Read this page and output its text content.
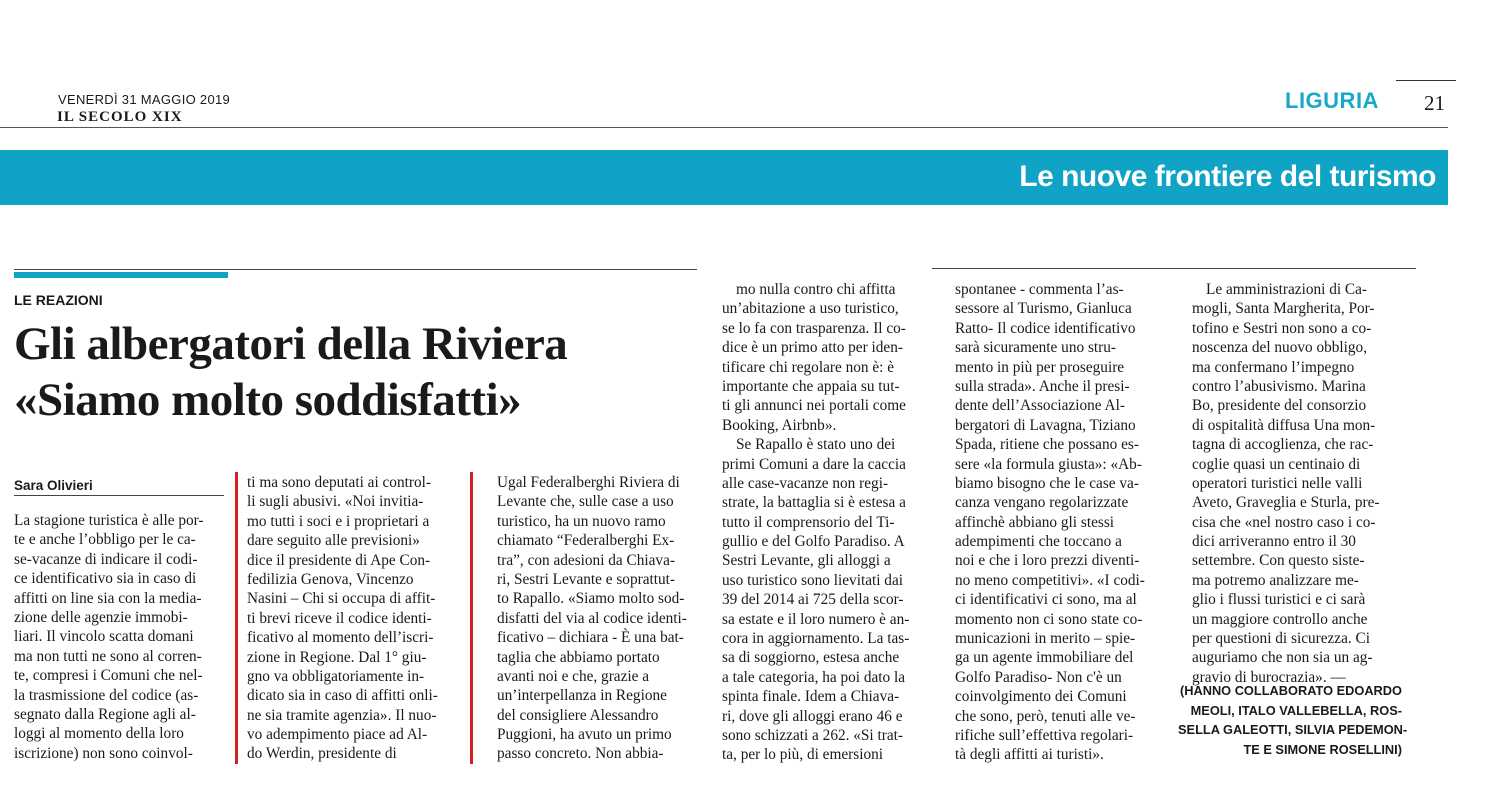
VENERDÌ 31 MAGGIO 2019
IL SECOLO XIX
LIGURIA 21
Le nuove frontiere del turismo
LE REAZIONI
Gli albergatori della Riviera
«Siamo molto soddisfatti»
Sara Olivieri
La stagione turistica è alle por-
te e anche l’obbligo per le ca-
se-vacanze di indicare il codi-
ce identificativo sia in caso di
affitti on line sia con la media-
zione delle agenzie immobi-
liari. Il vincolo scatta domani
ma non tutti ne sono al corren-
te, compresi i Comuni che nel-
la trasmissione del codice (as-
segnato dalla Regione agli al-
loggi al momento della loro
iscrizione) non sono coinvol-
ti ma sono deputati ai control-
li sugli abusivi. «Noi invitia-
mo tutti i soci e i proprietari a
dare seguito alle previsioni»
dice il presidente di Ape Con-
fedilizia Genova, Vincenzo
Nasini – Chi si occupa di affit-
ti brevi riceve il codice identi-
ficativo al momento dell’iscri-
zione in Regione. Dal 1° giu-
gno va obbligatoriamente in-
dicato sia in caso di affitti onli-
ne sia tramite agenzia». Il nuo-
vo adempimento piace ad Al-
do Werdin, presidente di
Ugal Federalberghi Riviera di
Levante che, sulle case a uso
turistico, ha un nuovo ramo
chiamato “Federalberghi Ex-
tra”, con adesioni da Chiava-
ri, Sestri Levante e soprattut-
to Rapallo. «Siamo molto sod-
disfatti del via al codice identi-
ficativo – dichiara - È una bat-
taglia che abbiamo portato
avanti noi e che, grazie a
un’interpellanza in Regione
del consigliere Alessandro
Puggioni, ha avuto un primo
passo concreto. Non abbia-
mo nulla contro chi affitta
un’abitazione a uso turistico,
se lo fa con trasparenza. Il co-
dice è un primo atto per iden-
tificare chi regolare non è: è
importante che appaia su tut-
ti gli annunci nei portali come
Booking, Airbnb».
Se Rapallo è stato uno dei
primi Comuni a dare la caccia
alle case-vacanze non regi-
strate, la battaglia si è estesa a
tutto il comprensorio del Ti-
gullio e del Golfo Paradiso. A
Sestri Levante, gli alloggi a
uso turistico sono lievitati dai
39 del 2014 ai 725 della scor-
sa estate e il loro numero è an-
cora in aggiornamento. La tas-
sa di soggiorno, estesa anche
a tale categoria, ha poi dato la
spinta finale. Idem a Chiava-
ri, dove gli alloggi erano 46 e
sono schizzati a 262. «Si trat-
ta, per lo più, di emersioni
spontanee - commenta l’as-
sessore al Turismo, Gianluca
Ratto- Il codice identificativo
sarà sicuramente uno stru-
mento in più per proseguire
sulla strada». Anche il presi-
dente dell’Associazione Al-
bergatori di Lavagna, Tiziano
Spada, ritiene che possano es-
sere «la formula giusta»: «Ab-
biamo bisogno che le case va-
canza vengano regolarizzate
affinchè abbiano gli stessi
adempimenti che toccano a
noi e che i loro prezzi diventi-
no meno competitivi». «I codi-
ci identificativi ci sono, ma al
momento non ci sono state co-
municazioni in merito – spie-
ga un agente immobiliare del
Golfo Paradiso- Non c'è un
coinvolgimento dei Comuni
che sono, però, tenuti alle ve-
rifiche sull’effettiva regolari-
tà degli affitti ai turisti».
Le amministrazioni di Ca-
mogli, Santa Margherita, Por-
tofino e Sestri non sono a co-
noscenza del nuovo obbligo,
ma confermano l’impegno
contro l’abusivismo. Marina
Bo, presidente del consorzio
di ospitalità diffusa Una mon-
tagna di accoglienza, che rac-
coglie quasi un centinaio di
operatori turistici nelle valli
Aveto, Graveglia e Sturla, pre-
cisa che «nel nostro caso i co-
dici arriveranno entro il 30
settembre. Con questo siste-
ma potremo analizzare me-
glio i flussi turistici e ci sarà
un maggiore controllo anche
per questioni di sicurezza. Ci
auguriamo che non sia un ag-
gravio di burocrazia». —
(HANNO COLLABORATO EDOARDO
MEOLI, ITALO VALLEBELLA, ROS-
SELLA GALEOTTI, SILVIA PEDEMON-
TE E SIMONE ROSELLINI)
